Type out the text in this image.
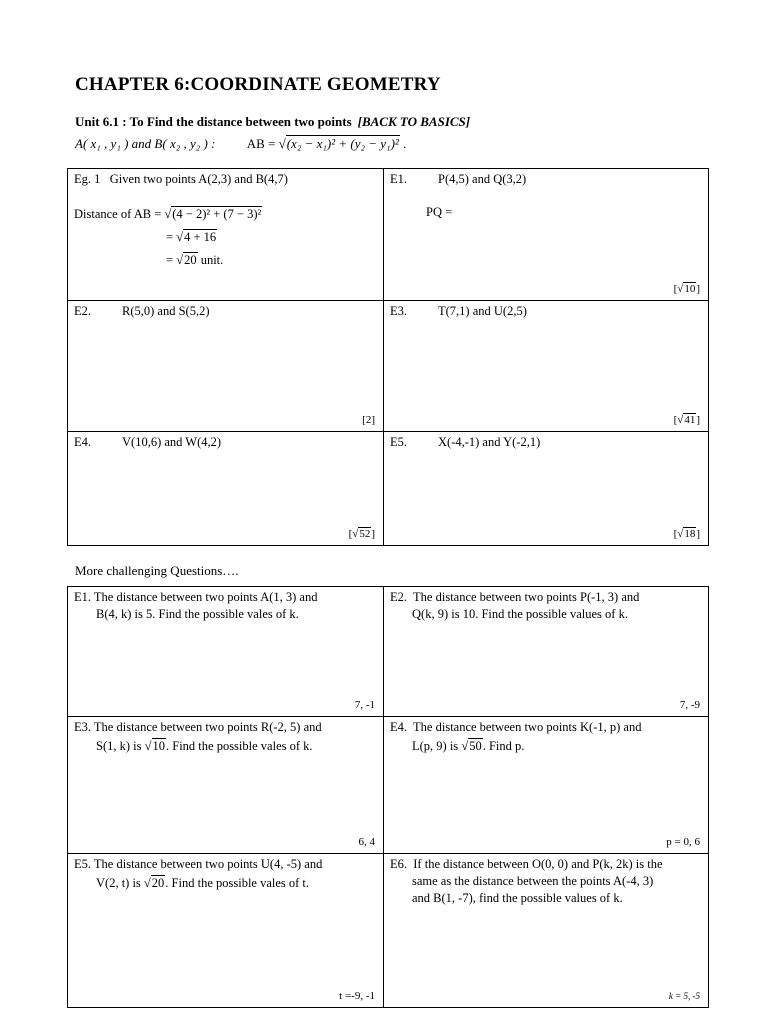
CHAPTER 6:COORDINATE GEOMETRY
Unit 6.1 : To Find the distance between two points [BACK TO BASICS]
A( x₁ , y₁ ) and B( x₂ , y₂ ) : AB = √(x₂ − x₁)² + (y₂ − y₁)² .
Eg. 1 Given two points A(2,3) and B(4,7)
Distance of AB = √(4 − 2)² + (7 − 3)²
= √4 + 16
= √20 unit.
E1. P(4,5) and Q(3,2)
PQ =
[√10]
E2. R(5,0) and S(5,2)
[2]
E3. T(7,1) and U(2,5)
[√41]
E4. V(10,6) and W(4,2)
[√52]
E5. X(-4,-1) and Y(-2,1)
[√18]
More challenging Questions….
E1. The distance between two points A(1, 3) and
B(4, k) is 5. Find the possible vales of k.
7, -1
E2. The distance between two points P(-1, 3) and
Q(k, 9) is 10. Find the possible values of k.
7, -9
E3. The distance between two points R(-2, 5) and
S(1, k) is √10. Find the possible vales of k.
6, 4
E4. The distance between two points K(-1, p) and
L(p, 9) is √50. Find p.
p = 0, 6
E5. The distance between two points U(4, -5) and
V(2, t) is √20. Find the possible vales of t.
t =-9, -1
E6. If the distance between O(0, 0) and P(k, 2k) is the
same as the distance between the points A(-4, 3)
and B(1, -7), find the possible values of k.
k = 5, -5
